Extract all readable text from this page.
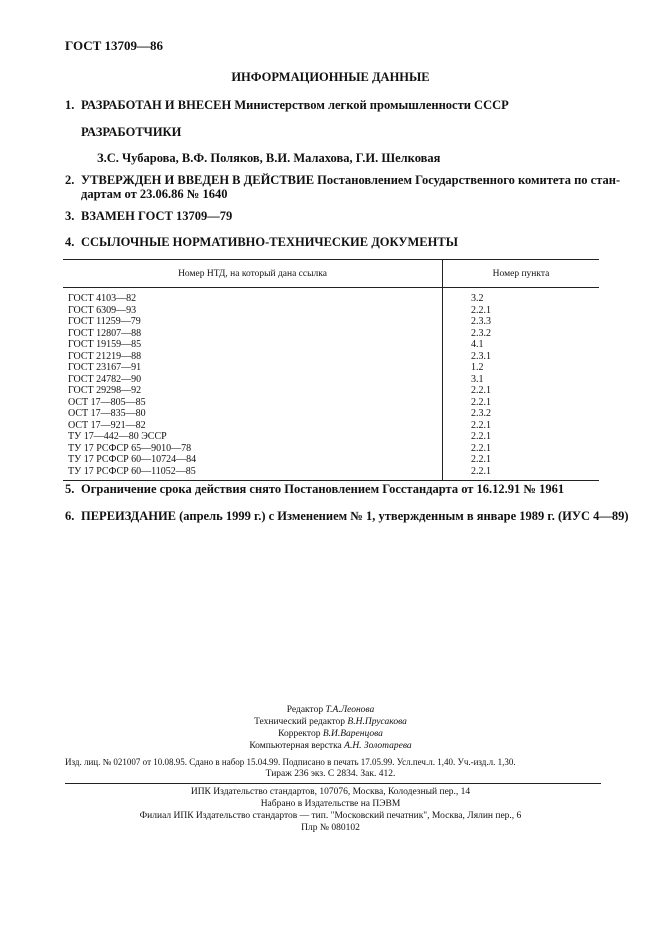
ГОСТ 13709—86
ИНФОРМАЦИОННЫЕ ДАННЫЕ
1. РАЗРАБОТАН И ВНЕСЕН Министерством легкой промышленности СССР
РАЗРАБОТЧИКИ
З.С. Чубарова, В.Ф. Поляков, В.И. Малахова, Г.И. Шелковая
2. УТВЕРЖДЕН И ВВЕДЕН В ДЕЙСТВИЕ Постановлением Государственного комитета по стан-
дартам от 23.06.86 № 1640
3. ВЗАМЕН ГОСТ 13709—79
4. ССЫЛОЧНЫЕ НОРМАТИВНО-ТЕХНИЧЕСКИЕ ДОКУМЕНТЫ
Номер НТД, на который дана ссылка	Номер пункта
ГОСТ 4103—82	3.2
ГОСТ 6309—93	2.2.1
ГОСТ 11259—79	2.3.3
ГОСТ 12807—88	2.3.2
ГОСТ 19159—85	4.1
ГОСТ 21219—88	2.3.1
ГОСТ 23167—91	1.2
ГОСТ 24782—90	3.1
ГОСТ 29298—92	2.2.1
ОСТ 17—805—85	2.2.1
ОСТ 17—835—80	2.3.2
ОСТ 17—921—82	2.2.1
ТУ 17—442—80 ЭССР	2.2.1
ТУ 17 РСФСР 65—9010—78	2.2.1
ТУ 17 РСФСР 60—10724—84	2.2.1
ТУ 17 РСФСР 60—11052—85	2.2.1
5. Ограничение срока действия снято Постановлением Госстандарта от 16.12.91 № 1961
6. ПЕРЕИЗДАНИЕ (апрель 1999 г.) с Изменением № 1, утвержденным в январе 1989 г. (ИУС 4—89)
Редактор Т.А.Леонова
Технический редактор В.Н.Прусакова
Корректор В.И.Варенцова
Компьютерная верстка А.Н. Золотарева
Изд. лиц. № 021007 от 10.08.95. Сдано в набор 15.04.99. Подписано в печать 17.05.99. Усл.печ.л. 1,40. Уч.-изд.л. 1,30.
Тираж 236 экз. С 2834. Зак. 412.
ИПК Издательство стандартов, 107076, Москва, Колодезный пер., 14
Набрано в Издательстве на ПЭВМ
Филиал ИПК Издательство стандартов — тип. "Московский печатник", Москва, Лялин пер., 6
Плр № 080102
